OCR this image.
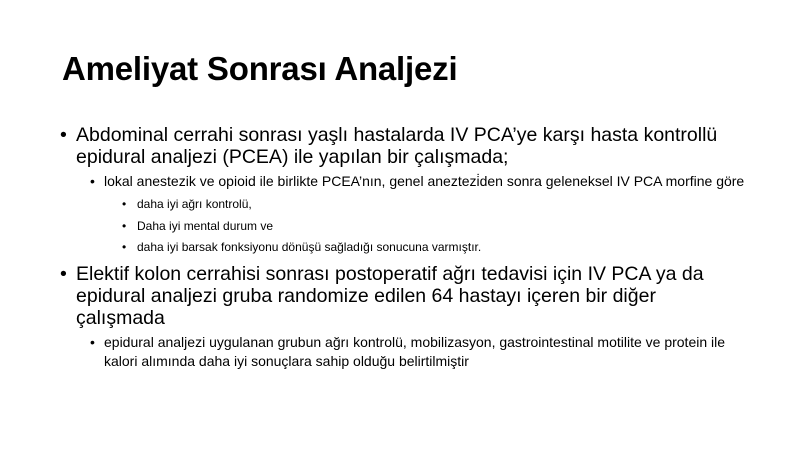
Ameliyat Sonrası Analjezi
• Abdominal cerrahi sonrası yaşlı hastalarda IV PCA’ye karşı hasta kontrollü epidural analjezi (PCEA) ile yapılan bir çalışmada;
• lokal anestezik ve opioid ile birlikte PCEA’nın, genel aneztezi̇den sonra geleneksel IV PCA morfine göre
• daha iyi ağrı kontrolü,
• Daha iyi mental durum ve
• daha iyi barsak fonksiyonu dönüşü sağladığı sonucuna varmıştır.
• Elektif kolon cerrahisi sonrası postoperatif ağrı tedavisi için IV PCA ya da epidural analjezi gruba randomize edilen 64 hastayı içeren bir diğer çalışmada
• epidural analjezi uygulanan grubun ağrı kontrolü, mobilizasyon, gastrointestinal motilite ve protein ile kalori alımında daha iyi sonuçlara sahip olduğu belirtilmiştir
